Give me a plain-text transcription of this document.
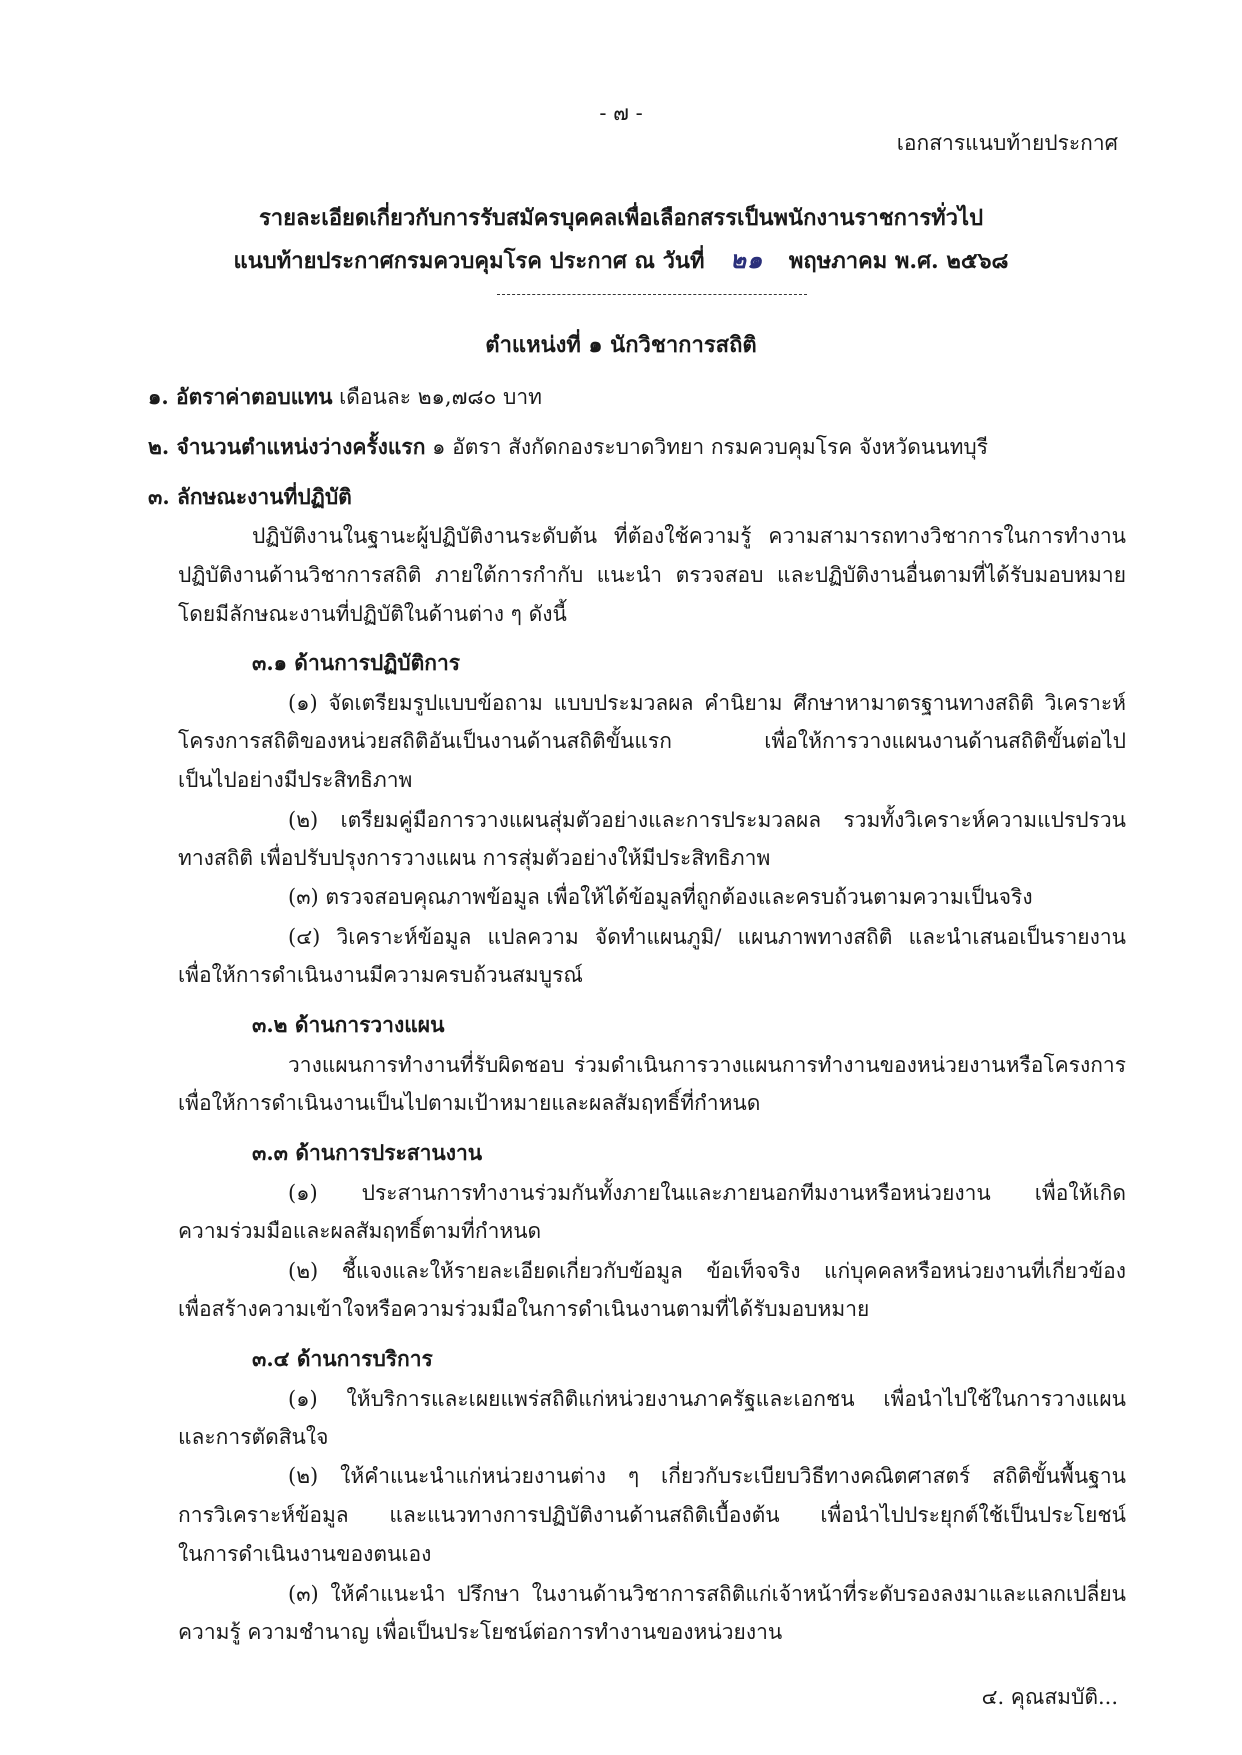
- ๗ -
เอกสารแนบท้ายประกาศ
รายละเอียดเกี่ยวกับการรับสมัครบุคคลเพื่อเลือกสรรเป็นพนักงานราชการทั่วไป
แนบท้ายประกาศกรมควบคุมโรค ประกาศ ณ วันที่ ๒๑ พฤษภาคม พ.ศ. ๒๕๖๘
ตำแหน่งที่ ๑ นักวิชาการสถิติ
๑. อัตราค่าตอบแทน เดือนละ ๒๑,๗๘๐ บาท
๒. จำนวนตำแหน่งว่างครั้งแรก ๑ อัตรา สังกัดกองระบาดวิทยา กรมควบคุมโรค จังหวัดนนทบุรี
๓. ลักษณะงานที่ปฏิบัติ
ปฏิบัติงานในฐานะผู้ปฏิบัติงานระดับต้น ที่ต้องใช้ความรู้ ความสามารถทางวิชาการในการทำงาน
ปฏิบัติงานด้านวิชาการสถิติ ภายใต้การกำกับ แนะนำ ตรวจสอบ และปฏิบัติงานอื่นตามที่ได้รับมอบหมาย
โดยมีลักษณะงานที่ปฏิบัติในด้านต่าง ๆ ดังนี้
๓.๑ ด้านการปฏิบัติการ
(๑) จัดเตรียมรูปแบบข้อถาม แบบประมวลผล คำนิยาม ศึกษาหามาตรฐานทางสถิติ วิเคราะห์
โครงการสถิติของหน่วยสถิติอันเป็นงานด้านสถิติขั้นแรก เพื่อให้การวางแผนงานด้านสถิติขั้นต่อไป
เป็นไปอย่างมีประสิทธิภาพ
(๒) เตรียมคู่มือการวางแผนสุ่มตัวอย่างและการประมวลผล รวมทั้งวิเคราะห์ความแปรปรวน
ทางสถิติ เพื่อปรับปรุงการวางแผน การสุ่มตัวอย่างให้มีประสิทธิภาพ
(๓) ตรวจสอบคุณภาพข้อมูล เพื่อให้ได้ข้อมูลที่ถูกต้องและครบถ้วนตามความเป็นจริง
(๔) วิเคราะห์ข้อมูล แปลความ จัดทำแผนภูมิ/ แผนภาพทางสถิติ และนำเสนอเป็นรายงาน
เพื่อให้การดำเนินงานมีความครบถ้วนสมบูรณ์
๓.๒ ด้านการวางแผน
วางแผนการทำงานที่รับผิดชอบ ร่วมดำเนินการวางแผนการทำงานของหน่วยงานหรือโครงการ
เพื่อให้การดำเนินงานเป็นไปตามเป้าหมายและผลสัมฤทธิ์ที่กำหนด
๓.๓ ด้านการประสานงาน
(๑) ประสานการทำงานร่วมกันทั้งภายในและภายนอกทีมงานหรือหน่วยงาน เพื่อให้เกิด
ความร่วมมือและผลสัมฤทธิ์ตามที่กำหนด
(๒) ชี้แจงและให้รายละเอียดเกี่ยวกับข้อมูล ข้อเท็จจริง แก่บุคคลหรือหน่วยงานที่เกี่ยวข้อง
เพื่อสร้างความเข้าใจหรือความร่วมมือในการดำเนินงานตามที่ได้รับมอบหมาย
๓.๔ ด้านการบริการ
(๑) ให้บริการและเผยแพร่สถิติแก่หน่วยงานภาครัฐและเอกชน เพื่อนำไปใช้ในการวางแผน
และการตัดสินใจ
(๒) ให้คำแนะนำแก่หน่วยงานต่าง ๆ เกี่ยวกับระเบียบวิธีทางคณิตศาสตร์ สถิติขั้นพื้นฐาน
การวิเคราะห์ข้อมูล และแนวทางการปฏิบัติงานด้านสถิติเบื้องต้น เพื่อนำไปประยุกต์ใช้เป็นประโยชน์
ในการดำเนินงานของตนเอง
(๓) ให้คำแนะนำ ปรึกษา ในงานด้านวิชาการสถิติแก่เจ้าหน้าที่ระดับรองลงมาและแลกเปลี่ยน
ความรู้ ความชำนาญ เพื่อเป็นประโยชน์ต่อการทำงานของหน่วยงาน
๔. คุณสมบัติ...
